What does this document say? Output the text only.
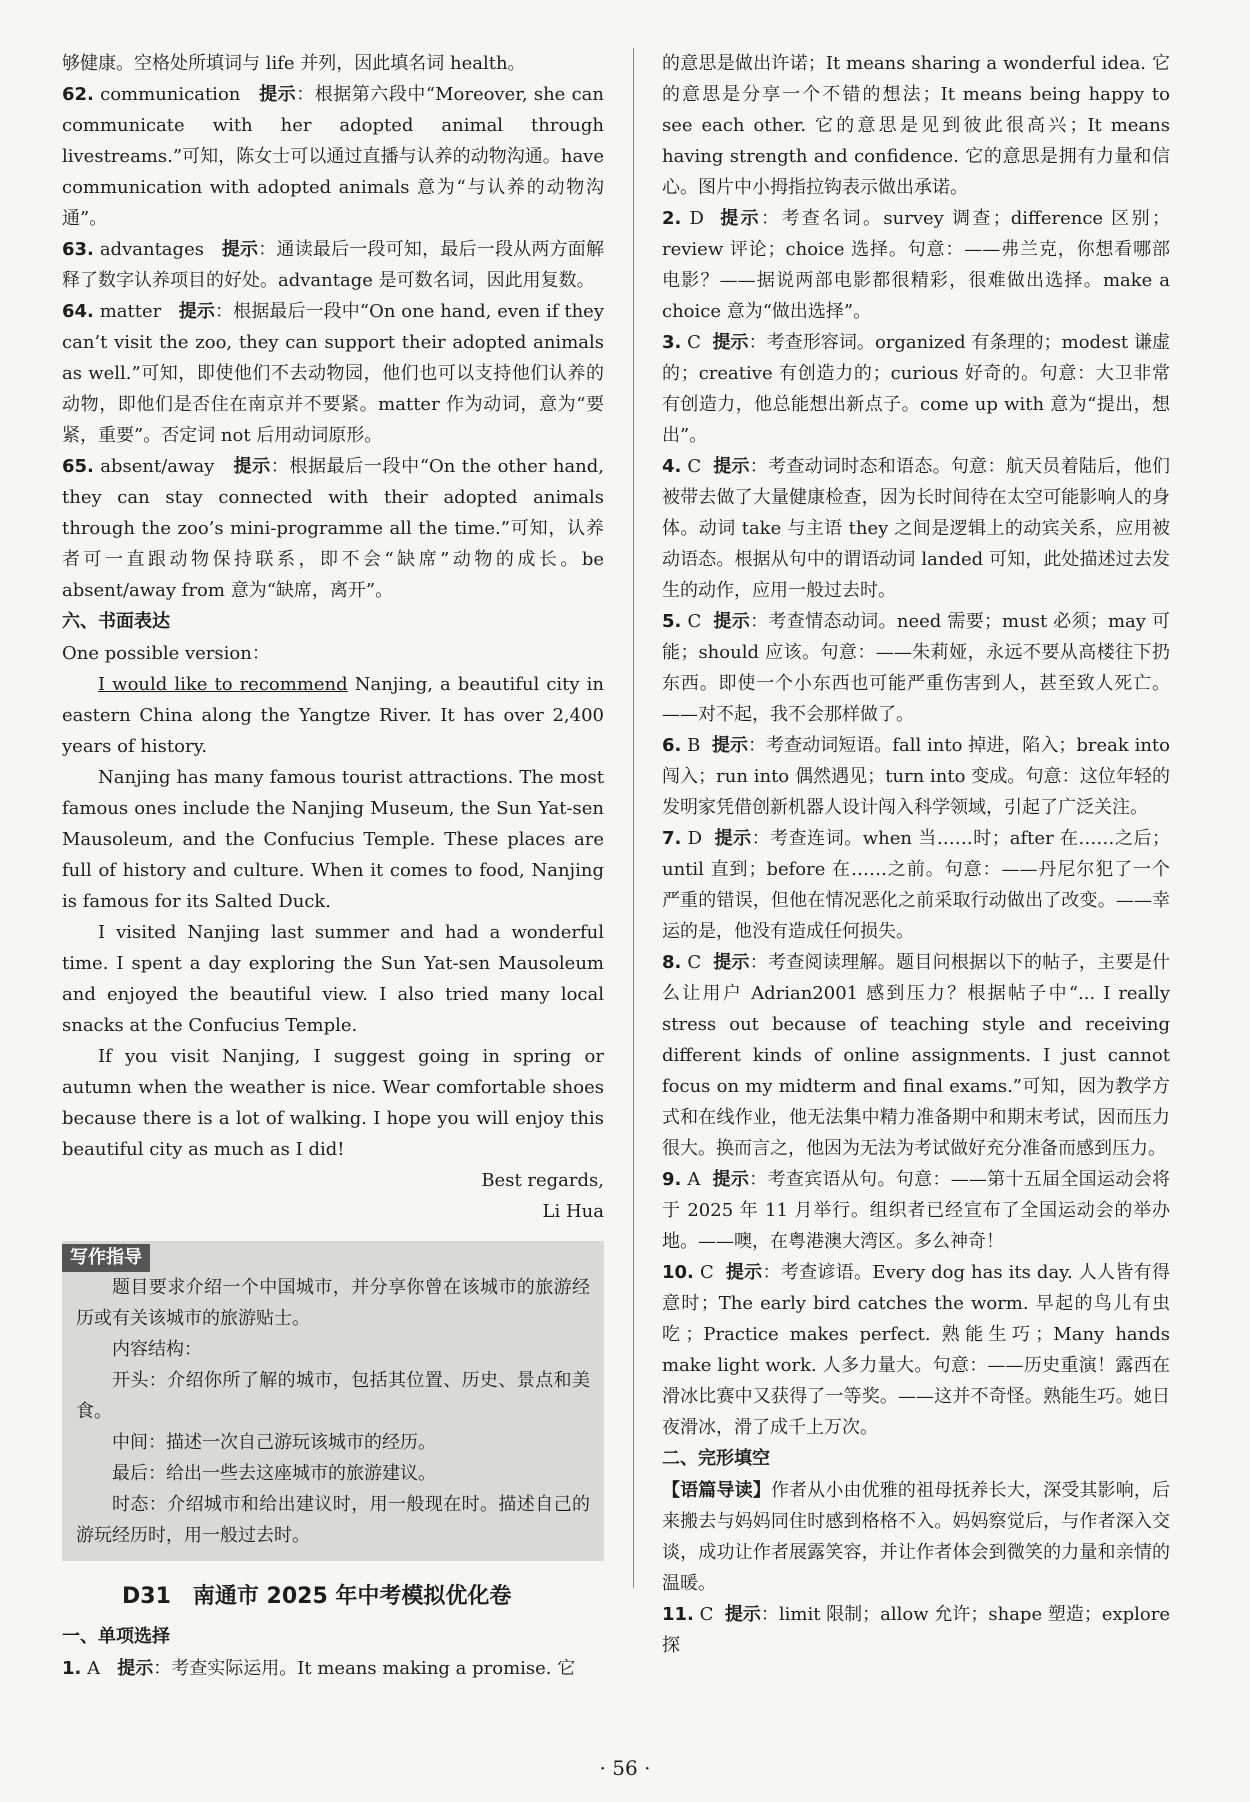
够健康。空格处所填词与 life 并列，因此填名词 health。

62. communication 提示：根据第六段中“Moreover, she can communicate with her adopted animal through livestreams.”可知，陈女士可以通过直播与认养的动物沟通。have communication with adopted animals 意为“与认养的动物沟通”。

63. advantages 提示：通读最后一段可知，最后一段从两方面解释了数字认养项目的好处。advantage 是可数名词，因此用复数。

64. matter 提示：根据最后一段中“On one hand, even if they can’t visit the zoo, they can support their adopted animals as well.”可知，即使他们不去动物园，他们也可以支持他们认养的动物，即他们是否住在南京并不要紧。matter 作为动词，意为“要紧，重要”。否定词 not 后用动词原形。

65. absent/away 提示：根据最后一段中“On the other hand, they can stay connected with their adopted animals through the zoo’s mini-programme all the time.”可知，认养者可一直跟动物保持联系，即不会“缺席”动物的成长。be absent/away from 意为“缺席，离开”。

六、书面表达

One possible version：

I would like to recommend Nanjing, a beautiful city in eastern China along the Yangtze River. It has over 2,400 years of history.

Nanjing has many famous tourist attractions. The most famous ones include the Nanjing Museum, the Sun Yat-sen Mausoleum, and the Confucius Temple. These places are full of history and culture. When it comes to food, Nanjing is famous for its Salted Duck.

I visited Nanjing last summer and had a wonderful time. I spent a day exploring the Sun Yat-sen Mausoleum and enjoyed the beautiful view. I also tried many local snacks at the Confucius Temple.

If you visit Nanjing, I suggest going in spring or autumn when the weather is nice. Wear comfortable shoes because there is a lot of walking. I hope you will enjoy this beautiful city as much as I did!

Best regards,

Li Hua

写作指导

题目要求介绍一个中国城市，并分享你曾在该城市的旅游经历或有关该城市的旅游贴士。

内容结构：

开头：介绍你所了解的城市，包括其位置、历史、景点和美食。

中间：描述一次自己游玩该城市的经历。

最后：给出一些去这座城市的旅游建议。

时态：介绍城市和给出建议时，用一般现在时。描述自己的游玩经历时，用一般过去时。

D31　南通市 2025 年中考模拟优化卷

一、单项选择

1. A 提示：考查实际运用。It means making a promise. 它

的意思是做出许诺；It means sharing a wonderful idea. 它的意思是分享一个不错的想法；It means being happy to see each other. 它的意思是见到彼此很高兴；It means having strength and confidence. 它的意思是拥有力量和信心。图片中小拇指拉钩表示做出承诺。

2. D 提示：考查名词。survey 调查；difference 区别；review 评论；choice 选择。句意：——弗兰克，你想看哪部电影？——据说两部电影都很精彩，很难做出选择。make a choice 意为“做出选择”。

3. C 提示：考查形容词。organized 有条理的；modest 谦虚的；creative 有创造力的；curious 好奇的。句意：大卫非常有创造力，他总能想出新点子。come up with 意为“提出，想出”。

4. C 提示：考查动词时态和语态。句意：航天员着陆后，他们被带去做了大量健康检查，因为长时间待在太空可能影响人的身体。动词 take 与主语 they 之间是逻辑上的动宾关系，应用被动语态。根据从句中的谓语动词 landed 可知，此处描述过去发生的动作，应用一般过去时。

5. C 提示：考查情态动词。need 需要；must 必须；may 可能；should 应该。句意：——朱莉娅，永远不要从高楼往下扔东西。即使一个小东西也可能严重伤害到人，甚至致人死亡。——对不起，我不会那样做了。

6. B 提示：考查动词短语。fall into 掉进，陷入；break into 闯入；run into 偶然遇见；turn into 变成。句意：这位年轻的发明家凭借创新机器人设计闯入科学领域，引起了广泛关注。

7. D 提示：考查连词。when 当……时；after 在……之后；until 直到；before 在……之前。句意：——丹尼尔犯了一个严重的错误，但他在情况恶化之前采取行动做出了改变。——幸运的是，他没有造成任何损失。

8. C 提示：考查阅读理解。题目问根据以下的帖子，主要是什么让用户 Adrian2001 感到压力？根据帖子中“... I really stress out because of teaching style and receiving different kinds of online assignments. I just cannot focus on my midterm and final exams.”可知，因为教学方式和在线作业，他无法集中精力准备期中和期末考试，因而压力很大。换而言之，他因为无法为考试做好充分准备而感到压力。

9. A 提示：考查宾语从句。句意：——第十五届全国运动会将于 2025 年 11 月举行。组织者已经宣布了全国运动会的举办地。——噢，在粤港澳大湾区。多么神奇！

10. C 提示：考查谚语。Every dog has its day. 人人皆有得意时；The early bird catches the worm. 早起的鸟儿有虫吃；Practice makes perfect. 熟能生巧；Many hands make light work. 人多力量大。句意：——历史重演！露西在滑冰比赛中又获得了一等奖。——这并不奇怪。熟能生巧。她日夜滑冰，滑了成千上万次。

二、完形填空

【语篇导读】作者从小由优雅的祖母抚养长大，深受其影响，后来搬去与妈妈同住时感到格格不入。妈妈察觉后，与作者深入交谈，成功让作者展露笑容，并让作者体会到微笑的力量和亲情的温暖。

11. C 提示：limit 限制；allow 允许；shape 塑造；explore 探

· 56 ·
